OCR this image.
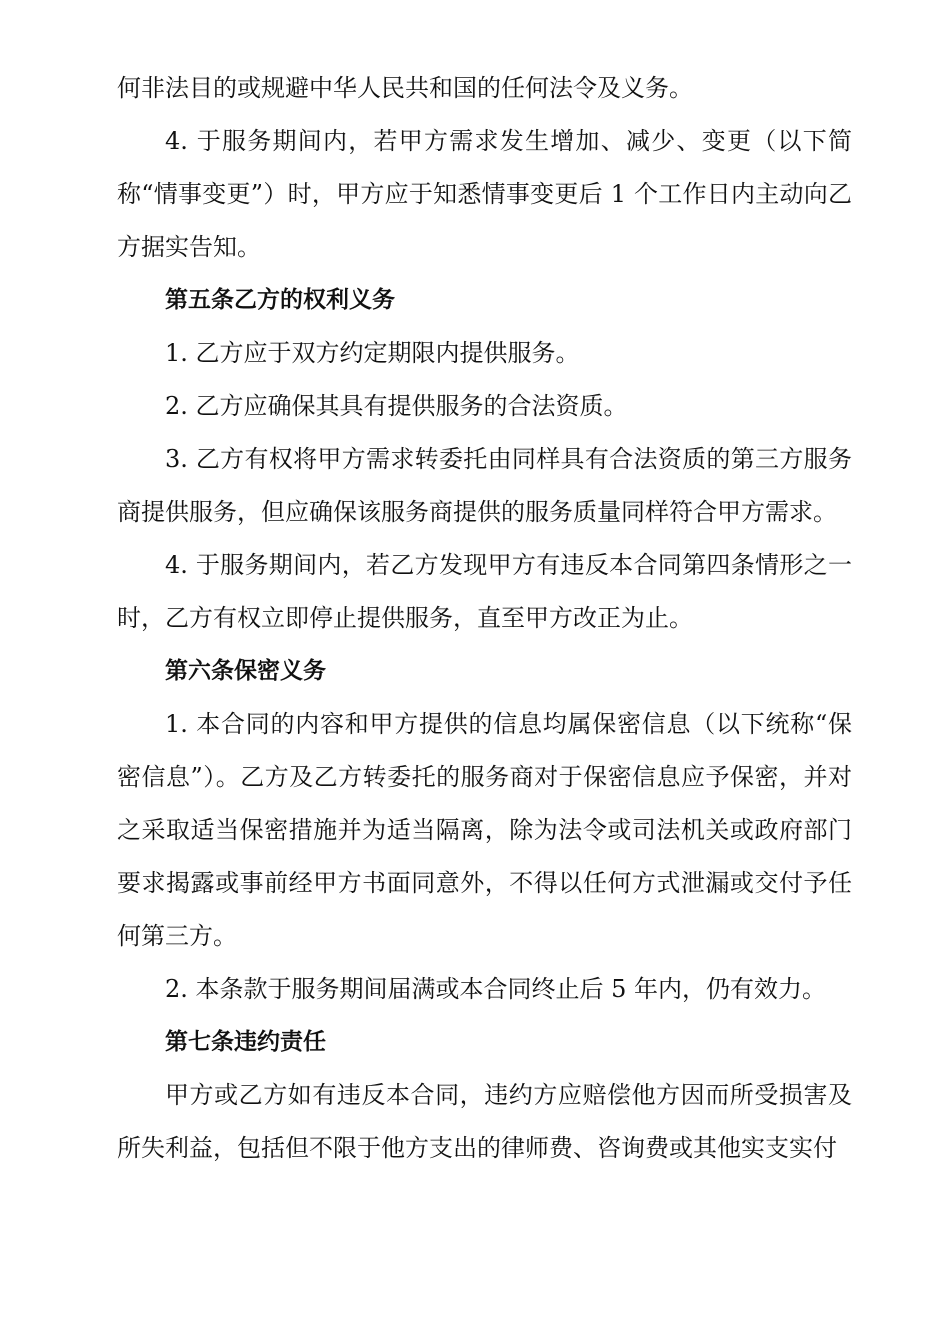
何非法目的或规避中华人民共和国的任何法令及义务。

4. 于服务期间内，若甲方需求发生增加、减少、变更（以下简称“情事变更”）时，甲方应于知悉情事变更后 1 个工作日内主动向乙方据实告知。

第五条乙方的权利义务

1. 乙方应于双方约定期限内提供服务。

2. 乙方应确保其具有提供服务的合法资质。

3. 乙方有权将甲方需求转委托由同样具有合法资质的第三方服务商提供服务，但应确保该服务商提供的服务质量同样符合甲方需求。

4. 于服务期间内，若乙方发现甲方有违反本合同第四条情形之一时，乙方有权立即停止提供服务，直至甲方改正为止。

第六条保密义务

1. 本合同的内容和甲方提供的信息均属保密信息（以下统称“保密信息”）。乙方及乙方转委托的服务商对于保密信息应予保密，并对之采取适当保密措施并为适当隔离，除为法令或司法机关或政府部门要求揭露或事前经甲方书面同意外，不得以任何方式泄漏或交付予任何第三方。

2. 本条款于服务期间届满或本合同终止后 5 年内，仍有效力。

第七条违约责任

甲方或乙方如有违反本合同，违约方应赔偿他方因而所受损害及所失利益，包括但不限于他方支出的律师费、咨询费或其他实支实付
